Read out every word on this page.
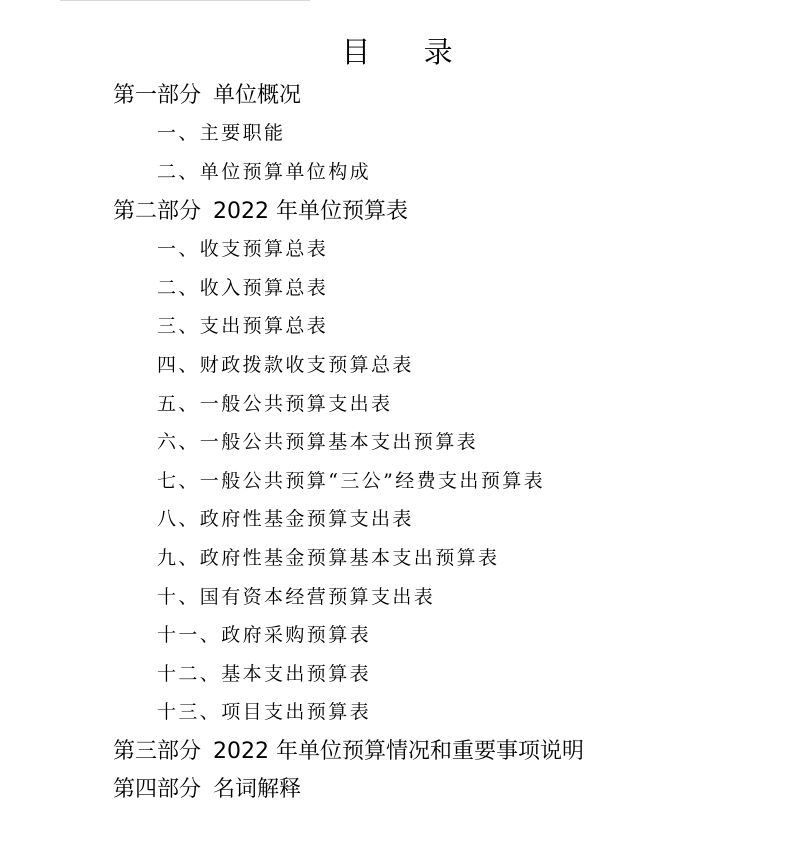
目 录
第一部分 单位概况
一、主要职能
二、单位预算单位构成
第二部分 2022 年单位预算表
一、收支预算总表
二、收入预算总表
三、支出预算总表
四、财政拨款收支预算总表
五、一般公共预算支出表
六、一般公共预算基本支出预算表
七、一般公共预算“三公”经费支出预算表
八、政府性基金预算支出表
九、政府性基金预算基本支出预算表
十、国有资本经营预算支出表
十一、政府采购预算表
十二、基本支出预算表
十三、项目支出预算表
第三部分 2022 年单位预算情况和重要事项说明
第四部分 名词解释
